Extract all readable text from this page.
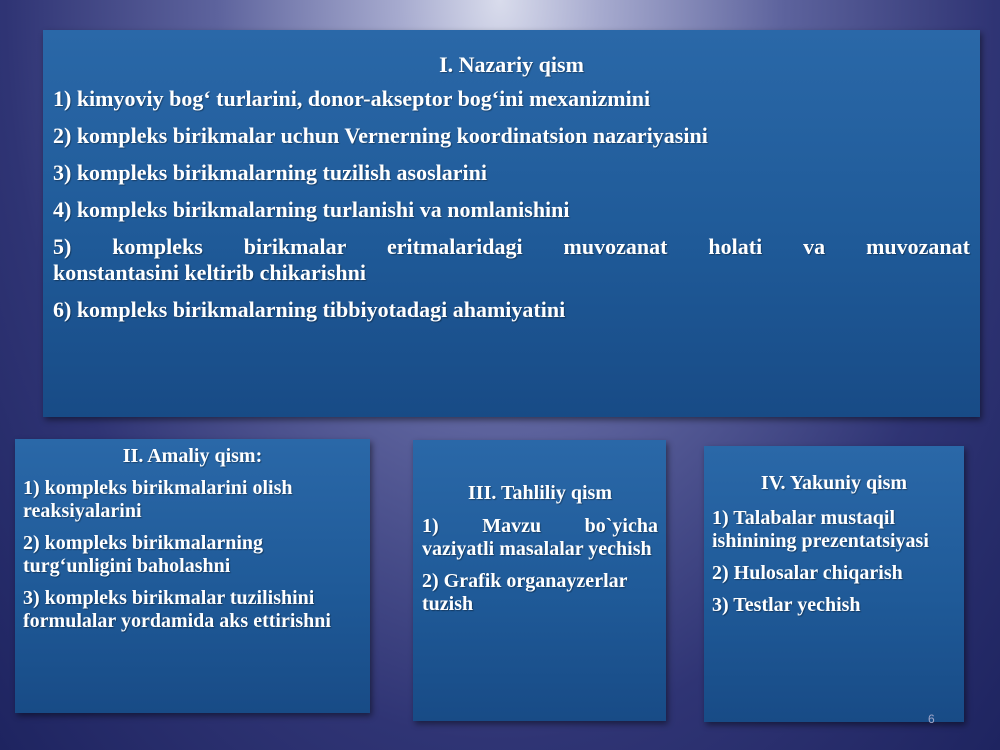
I. Nazariy qism
1) kimyoviy bog‘ turlarini, donor-akseptor bog‘ini mexanizmini
2) kompleks birikmalar uchun Vernerning koordinatsion nazariyasini
3) kompleks birikmalarning tuzilish asoslarini
4) kompleks birikmalarning turlanishi va nomlanishini
5) kompleks birikmalar eritmalaridagi muvozanat holati va muvozanat
konstantasini keltirib chikarishni
6) kompleks birikmalarning tibbiyotadagi ahamiyatini
II. Amaliy qism:
1) kompleks birikmalarini olish reaksiyalarini
2) kompleks birikmalarning turg‘unligini baholashni
3) kompleks birikmalar tuzilishini formulalar yordamida aks ettirishni
III. Tahliliy qism
1) Mavzu bo`yicha vaziyatli masalalar yechish
2) Grafik organayzerlar tuzish
IV. Yakuniy qism
1) Talabalar mustaqil ishinining prezentatsiyasi
2) Hulosalar chiqarish
3) Testlar yechish
6
